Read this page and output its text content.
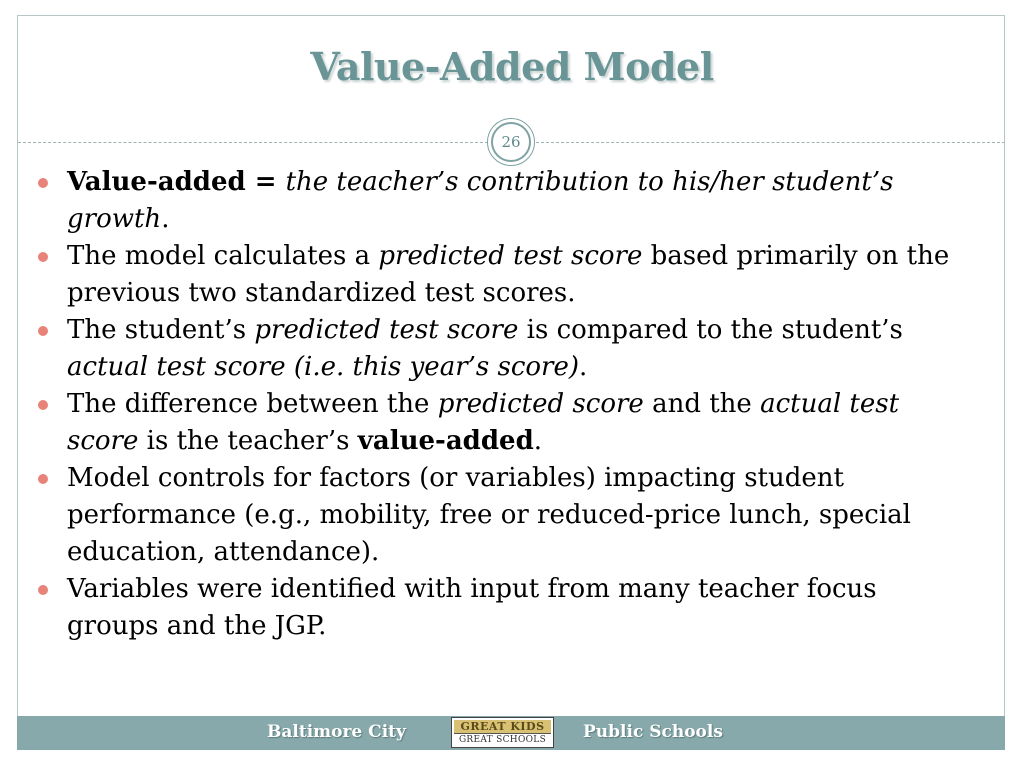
Value-Added Model
26
Value-added = the teacher’s contribution to his/her student’s growth.
The model calculates a predicted test score based primarily on the previous two standardized test scores.
The student’s predicted test score is compared to the student’s actual test score (i.e. this year’s score).
The difference between the predicted score and the actual test score is the teacher’s value-added.
Model controls for factors (or variables) impacting student performance (e.g., mobility, free or reduced-price lunch, special education, attendance).
Variables were identified with input from many teacher focus groups and the JGP.
Baltimore City	GREAT KIDS
GREAT SCHOOLS Public Schools
